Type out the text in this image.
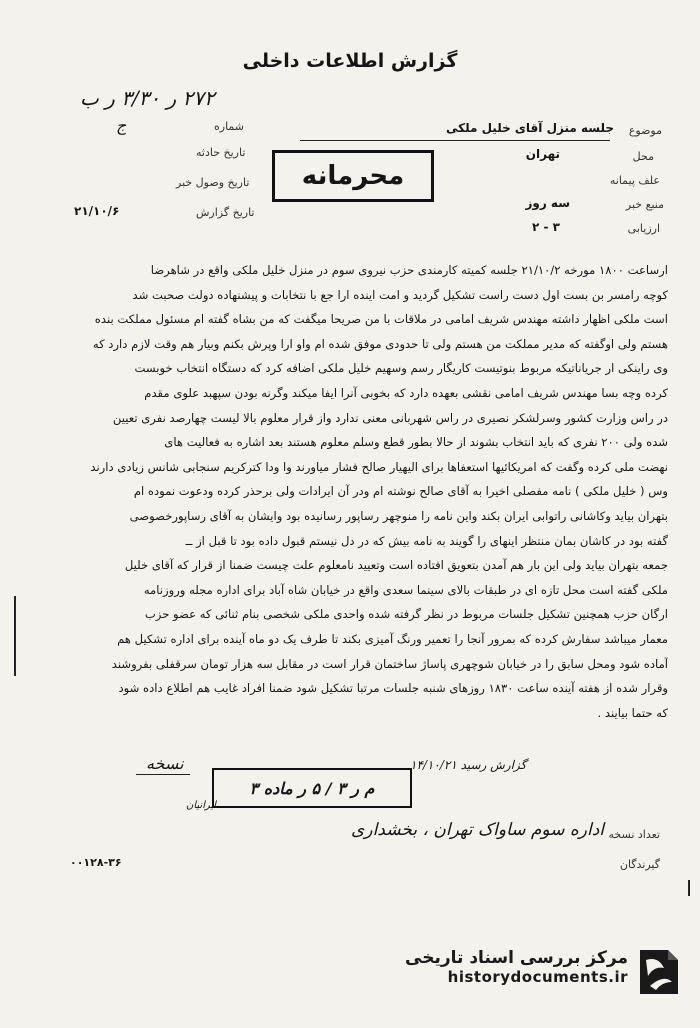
گزارش اطلاعات داخلی
موضوع
جلسه منزل آقای خلیل ملکی
محل
تهران
علف پیمانه
منبع خبر
سه روز
ارزیابی
۳ - ۲
محرمانه
شماره
۲۷۲ ر ۳/۳۰ ر ب
ج
تاریخ حادثه
تاریخ وصول خبر
تاریخ گزارش
۲۱/۱۰/۶

ارساعت ۱۸۰۰ مورخه ۲۱/۱۰/۲ جلسه کمیته کارمندی حزب نیروی سوم در منزل خلیل ملکی واقع در شاهرضا

کوچه رامسر بن بست اول دست راست تشکیل گردید و امت اینده ارا جع با نتخابات و پیشنهاده دولت صحبت شد

است ملکی اظهار داشته مهندس شریف امامی در ملاقات با من صریحا میگفت که من بشاه گفته ام مسئول مملکت بنده

هستم ولی اوگفته که مدیر مملکت من هستم ولی تا حدودی موفق شده ام واو ارا وپرش بکنم وبیار هم وقت لازم دارد که

وی راینکی ار جریاناتیکه مربوط بنوتیست کاریگار رسم وسهیم خلیل ملکی اضافه کرد که دستگاه انتخاب خوبست

کرده وچه بسا مهندس شریف امامی نقشی بعهده دارد که بخوبی آنرا ایفا میکند وگرنه بودن سپهبد علوی مقدم

در راس وزارت کشور وسرلشکر نصیری در راس شهربانی معنی ندارد واز قرار معلوم بالا لیست چهارصد نفری تعیین

شده ولی ۲۰۰ نفری که باید انتخاب بشوند از حالا بطور قطع وسلم معلوم هستند بعد اشاره به فعالیت های

نهضت ملی کرده وگفت که امریکائیها استعفاها برای الیهیار صالح فشار میاورند وا ودا کترکریم سنجابی شانس زیادی دارند

وس ( خلیل ملکی ) نامه مفصلی اخیرا به آقای صالح نوشته ام ودر آن ایرادات ولی برحذر کرده ودعوت نموده ام

بتهران بیاید وکاشانی راتوابی ایران بکند واین نامه را منوچهر رساپور رسانیده بود وایشان به آقای رساپورخصوصی

گفته بود در کاشان بمان منتظر اینهای را گویند به نامه بیش که در دل نیستم قبول داده بود تا قبل از ــ

جمعه بتهران بیاید ولی این بار هم آمدن بتعویق افتاده است وتعیید نامعلوم علت چیست ضمنا از قرار که آقای خلیل

ملکی گفته است محل تازه ای در طبقات بالای سینما سعدی واقع در خیابان شاه آباد برای اداره مجله وروزنامه

ارگان حزب همچنین تشکیل جلسات مربوط در نظر گرفته شده واحدی ملکی شخصی بنام ثنائی که عضو حزب

معمار میباشد سفارش کرده که بمرور آنجا را تعمیر ورنگ آمیزی بکند تا طرف یک دو ماه آینده برای اداره تشکیل هم

آماده شود ومحل سابق را در خیابان شوچهری پاساژ ساختمان قرار است در مقابل سه هزار تومان سرقفلی بفروشند

وقرار شده از هفته آینده ساعت ۱۸۳۰ روزهای شنبه جلسات مرتبا تشکیل شود ضمنا افراد غایب هم اطلاع داده شود

که حتما بیایند .

نسخه	گزارش رسید ۱۴/۱۰/۲۱
م ر ۳ / ۵ ر ماده ۳
ایرانیان
تعداد نسخه
گیرندگان
اداره سوم ساواک تهران ، بخشداری
۰۰۱۲۸-۳۶
مرکز بررسی اسناد تاریخی
historydocuments.ir
